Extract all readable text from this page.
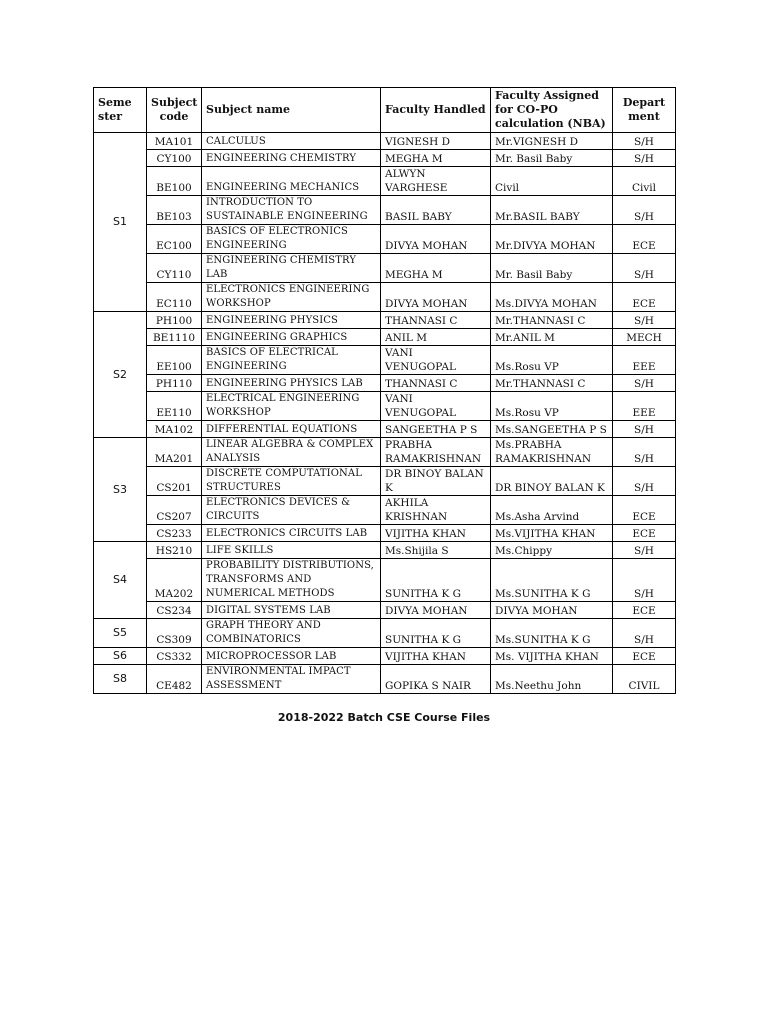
Seme ster	Subject code	Subject name	Faculty Handled	Faculty Assigned for CO-PO calculation (NBA)	Depart ment
S1	MA101	CALCULUS	VIGNESH D	Mr.VIGNESH D	S/H
	CY100	ENGINEERING CHEMISTRY	MEGHA M	Mr. Basil Baby	S/H
	BE100	ENGINEERING MECHANICS	ALWYN VARGHESE	Civil	Civil
	BE103	INTRODUCTION TO SUSTAINABLE ENGINEERING	BASIL BABY	Mr.BASIL BABY	S/H
	EC100	BASICS OF ELECTRONICS ENGINEERING	DIVYA MOHAN	Mr.DIVYA MOHAN	ECE
	CY110	ENGINEERING CHEMISTRY LAB	MEGHA M	Mr. Basil Baby	S/H
	EC110	ELECTRONICS ENGINEERING WORKSHOP	DIVYA MOHAN	Ms.DIVYA MOHAN	ECE
S2	PH100	ENGINEERING PHYSICS	THANNASI C	Mr.THANNASI C	S/H
	BE1110	ENGINEERING GRAPHICS	ANIL M	Mr.ANIL M	MECH
	EE100	BASICS OF ELECTRICAL ENGINEERING	VANI VENUGOPAL	Ms.Rosu VP	EEE
	PH110	ENGINEERING PHYSICS LAB	THANNASI C	Mr.THANNASI C	S/H
	EE110	ELECTRICAL ENGINEERING WORKSHOP	VANI VENUGOPAL	Ms.Rosu VP	EEE
	MA102	DIFFERENTIAL EQUATIONS	SANGEETHA P S	Ms.SANGEETHA P S	S/H
S3	MA201	LINEAR ALGEBRA & COMPLEX ANALYSIS	PRABHA RAMAKRISHNAN	Ms.PRABHA RAMAKRISHNAN	S/H
	CS201	DISCRETE COMPUTATIONAL STRUCTURES	DR BINOY BALAN K	DR BINOY BALAN K	S/H
	CS207	ELECTRONICS DEVICES & CIRCUITS	AKHILA KRISHNAN	Ms.Asha Arvind	ECE
	CS233	ELECTRONICS CIRCUITS LAB	VIJITHA KHAN	Ms.VIJITHA KHAN	ECE
S4	HS210	LIFE SKILLS	Ms.Shijila S	Ms.Chippy	S/H
	MA202	PROBABILITY DISTRIBUTIONS, TRANSFORMS AND NUMERICAL METHODS	SUNITHA K G	Ms.SUNITHA K G	S/H
	CS234	DIGITAL SYSTEMS LAB	DIVYA MOHAN	DIVYA MOHAN	ECE
S5	CS309	GRAPH THEORY AND COMBINATORICS	SUNITHA K G	Ms.SUNITHA K G	S/H
S6	CS332	MICROPROCESSOR LAB	VIJITHA KHAN	Ms. VIJITHA KHAN	ECE
S8	CE482	ENVIRONMENTAL IMPACT ASSESSMENT	GOPIKA S NAIR	Ms.Neethu John	CIVIL
2018-2022 Batch CSE Course Files
